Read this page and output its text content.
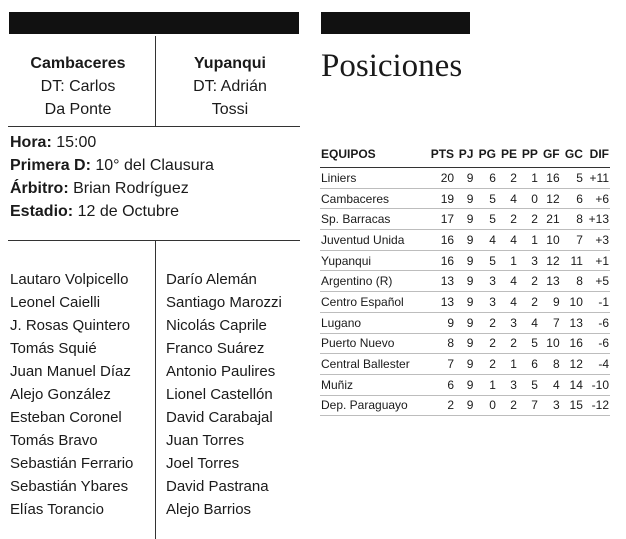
Cambaceres
DT: Carlos
Da Ponte
Yupanqui
DT: Adrián
Tossi
Hora: 15:00
Primera D: 10° del Clausura
Árbitro: Brian Rodríguez
Estadio: 12 de Octubre
Lautaro Volpicello
Leonel Caielli
J. Rosas Quintero
Tomás Squié
Juan Manuel Díaz
Alejo González
Esteban Coronel
Tomás Bravo
Sebastián Ferrario
Sebastián Ybares
Elías Torancio
Darío Alemán
Santiago Marozzi
Nicolás Caprile
Franco Suárez
Antonio Paulires
Lionel Castellón
David Carabajal
Juan Torres
Joel Torres
David Pastrana
Alejo Barrios
Posiciones
EQUIPOS	PTS	PJ	PG	PE	PP	GF	GC	DIF
Liniers	20	9	6	2	1	16	5	+11
Cambaceres	19	9	5	4	0	12	6	+6
Sp. Barracas	17	9	5	2	2	21	8	+13
Juventud Unida	16	9	4	4	1	10	7	+3
Yupanqui	16	9	5	1	3	12	11	+1
Argentino (R)	13	9	3	4	2	13	8	+5
Centro Español	13	9	3	4	2	9	10	-1
Lugano	9	9	2	3	4	7	13	-6
Puerto Nuevo	8	9	2	2	5	10	16	-6
Central Ballester	7	9	2	1	6	8	12	-4
Muñiz	6	9	1	3	5	4	14	-10
Dep. Paraguayo	2	9	0	2	7	3	15	-12
